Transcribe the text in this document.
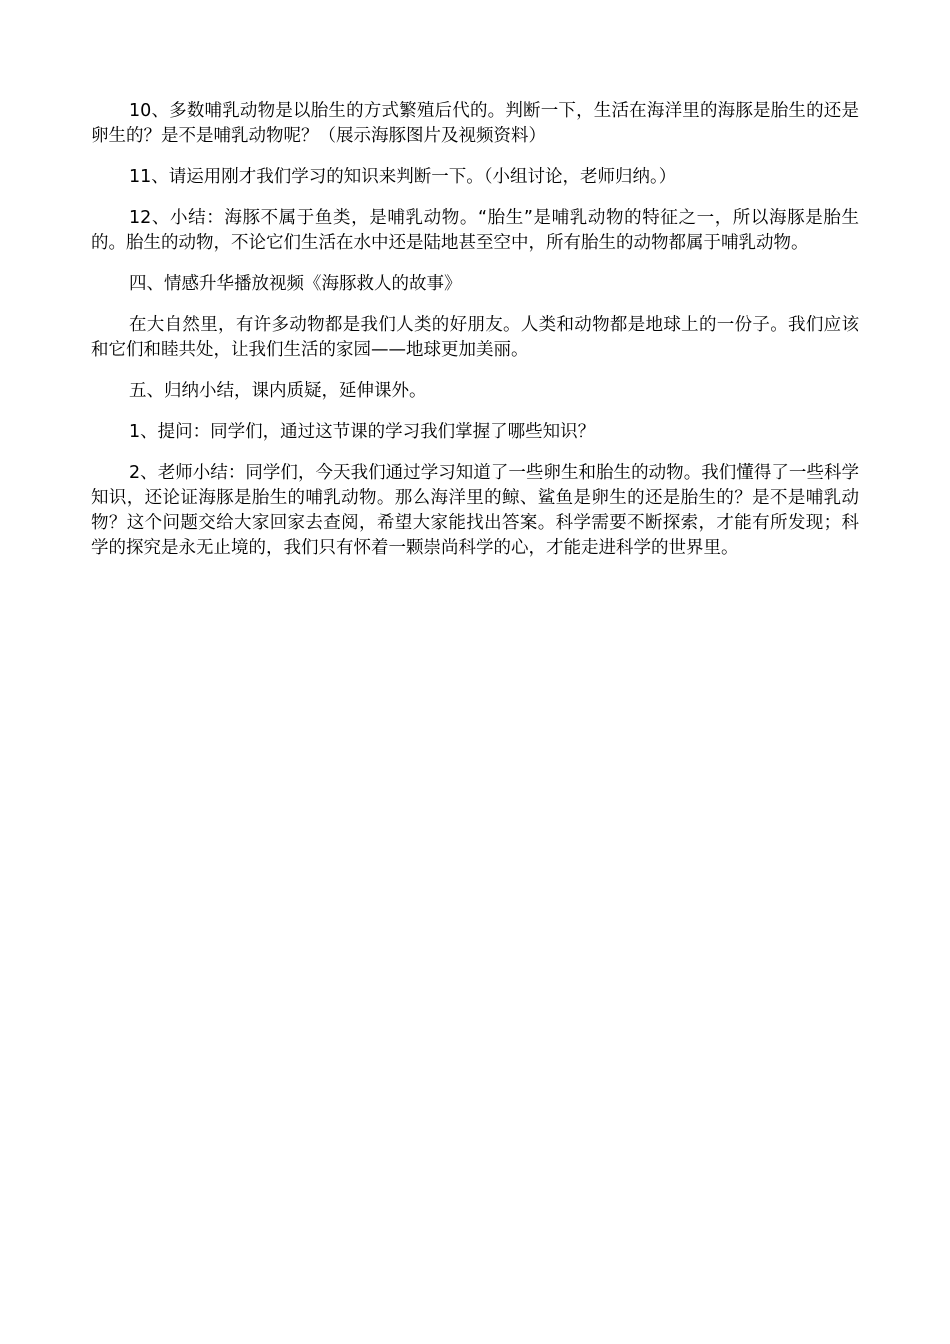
10、多数哺乳动物是以胎生的方式繁殖后代的。判断一下，生活在海洋里的海豚是胎生的还是卵生的？是不是哺乳动物呢？（展示海豚图片及视频资料）

11、请运用刚才我们学习的知识来判断一下。（小组讨论，老师归纳。）

12、小结：海豚不属于鱼类，是哺乳动物。“胎生”是哺乳动物的特征之一，所以海豚是胎生的。胎生的动物，不论它们生活在水中还是陆地甚至空中，所有胎生的动物都属于哺乳动物。

四、情感升华播放视频《海豚救人的故事》

在大自然里，有许多动物都是我们人类的好朋友。人类和动物都是地球上的一份子。我们应该和它们和睦共处，让我们生活的家园——地球更加美丽。

五、归纳小结，课内质疑，延伸课外。

1、提问：同学们，通过这节课的学习我们掌握了哪些知识？

2、老师小结：同学们，今天我们通过学习知道了一些卵生和胎生的动物。我们懂得了一些科学知识，还论证海豚是胎生的哺乳动物。那么海洋里的鲸、鲨鱼是卵生的还是胎生的？是不是哺乳动物？这个问题交给大家回家去查阅，希望大家能找出答案。科学需要不断探索，才能有所发现；科学的探究是永无止境的，我们只有怀着一颗崇尚科学的心，才能走进科学的世界里。
